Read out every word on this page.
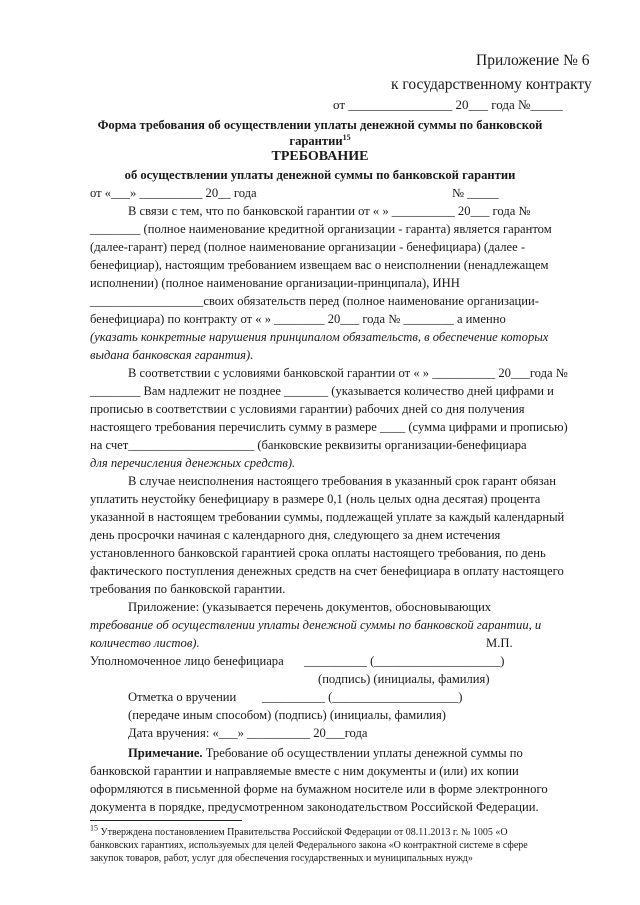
Приложение № 6
к государственному контракту
от ________________ 20___ года №_____
Форма требования об осуществлении уплаты денежной суммы по банковской
гарантии$^{15}$
ТРЕБОВАНИЕ
об осуществлении уплаты денежной суммы по банковской гарантии
от «___» __________ 20__ года	№ _____
В связи с тем, что по банковской гарантии от « » __________ 20___ года №
________ (полное наименование кредитной организации - гаранта) является гарантом
(далее-гарант) перед (полное наименование организации - бенефициара) (далее -
бенефициар), настоящим требованием извещаем вас о неисполнении (ненадлежащем
исполнении) (полное наименование организации-принципала), ИНН
__________________своих обязательств перед (полное наименование организации-
бенефициара) по контракту от « » ________ 20___ года № ________ а именно
(указать конкретные нарушения принципалом обязательств, в обеспечение которых
выдана банковская гарантия).
В соответствии с условиями банковской гарантии от « » __________ 20___года №
________ Вам надлежит не позднее _______ (указывается количество дней цифрами и
прописью в соответствии с условиями гарантии) рабочих дней со дня получения
настоящего требования перечислить сумму в размере ____ (сумма цифрами и прописью)
на счет____________________ (банковские реквизиты организации-бенефициара
для перечисления денежных средств).
В случае неисполнения настоящего требования в указанный срок гарант обязан
уплатить неустойку бенефициару в размере 0,1 (ноль целых одна десятая) процента
указанной в настоящем требовании суммы, подлежащей уплате за каждый календарный
день просрочки начиная с календарного дня, следующего за днем истечения
установленного банковской гарантией срока оплаты настоящего требования, по день
фактического поступления денежных средств на счет бенефициара в оплату настоящего
требования по банковской гарантии.
Приложение: (указывается перечень документов, обосновывающих
требование об осуществлении уплаты денежной суммы по банковской гарантии, и
количество листов).	М.П.
Уполномоченное лицо бенефициара __________ (____________________)
(подпись) (инициалы, фамилия)
Отметка о вручении __________ (____________________)
(передаче иным способом) (подпись) (инициалы, фамилия)
Дата вручения: «___» __________ 20___года
Примечание. Требование об осуществлении уплаты денежной суммы по
банковской гарантии и направляемые вместе с ним документы и (или) их копии
оформляются в письменной форме на бумажном носителе или в форме электронного
документа в порядке, предусмотренном законодательством Российской Федерации.
$^{15}$ Утверждена постановлением Правительства Российской Федерации от 08.11.2013 г. № 1005 «О
банковских гарантиях, используемых для целей Федерального закона «О контрактной системе в сфере
закупок товаров, работ, услуг для обеспечения государственных и муниципальных нужд»
